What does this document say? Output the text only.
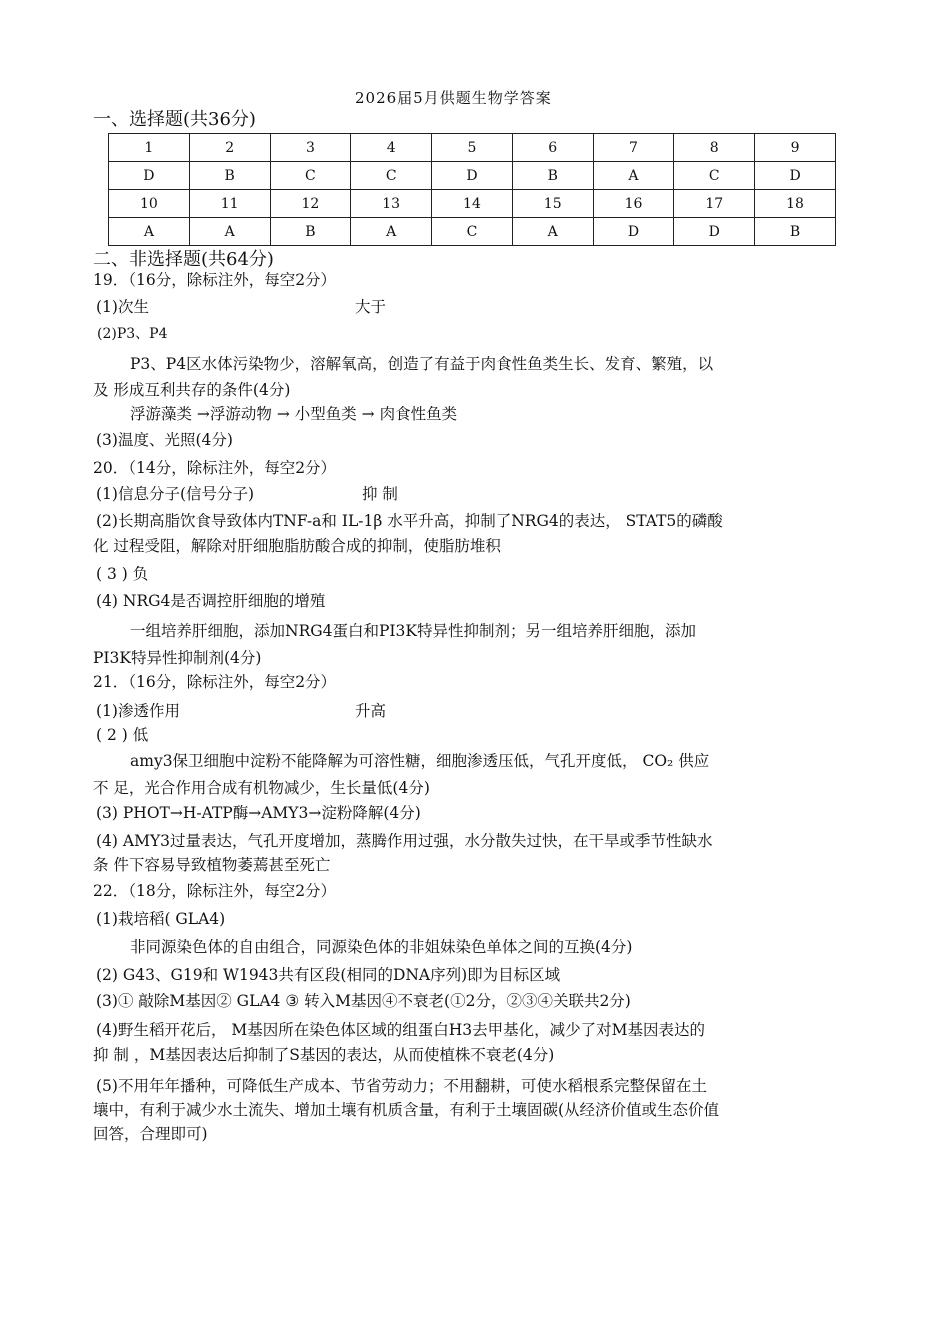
2026届5月供题生物学答案
一、选择题(共36分)
1	2	3	4	5	6	7	8	9
D	B	C	C	D	B	A	C	D
10	11	12	13	14	15	16	17	18
A	A	B	A	C	A	D	D	B
二、非选择题(共64分)
19．（16分，除标注外，每空2分）
(1)次生	大于
(2)P3、P4
P3、P4区水体污染物少，溶解氧高，创造了有益于肉食性鱼类生长、发育、繁殖，以
及 形成互利共存的条件(4分)
浮游藻类 →浮游动物 → 小型鱼类 → 肉食性鱼类
(3)温度、光照(4分)
20．（14分，除标注外，每空2分）
(1)信息分子(信号分子)	抑 制
(2)长期高脂饮食导致体内TNF-a和 IL-1β 水平升高，抑制了NRG4的表达， STAT5的磷酸
化 过程受阻，解除对肝细胞脂肪酸合成的抑制，使脂肪堆积
( 3 ) 负
(4) NRG4是否调控肝细胞的增殖
一组培养肝细胞，添加NRG4蛋白和PI3K特异性抑制剂；另一组培养肝细胞，添加
PI3K特异性抑制剂(4分)
21．（16分，除标注外，每空2分）
(1)渗透作用	升高
( 2 ) 低
amy3保卫细胞中淀粉不能降解为可溶性糖，细胞渗透压低，气孔开度低， CO₂ 供应
不 足，光合作用合成有机物减少，生长量低(4分)
(3) PHOT→H-ATP酶→AMY3→淀粉降解(4分)
(4) AMY3过量表达，气孔开度增加，蒸腾作用过强，水分散失过快，在干旱或季节性缺水
条 件下容易导致植物萎蔫甚至死亡
22．（18分，除标注外，每空2分）
(1)栽培稻( GLA4)
非同源染色体的自由组合，同源染色体的非姐妹染色单体之间的互换(4分)
(2) G43、G19和 W1943共有区段(相同的DNA序列)即为目标区域
(3)① 敲除M基因② GLA4 ③ 转入M基因④不衰老(①2分，②③④关联共2分)
(4)野生稻开花后， M基因所在染色体区域的组蛋白H3去甲基化，减少了对M基因表达的
抑 制 ，M基因表达后抑制了S基因的表达，从而使植株不衰老(4分)
(5)不用年年播种，可降低生产成本、节省劳动力；不用翻耕，可使水稻根系完整保留在土
壤中，有利于减少水土流失、增加土壤有机质含量，有利于土壤固碳(从经济价值或生态价值
回答，合理即可)
